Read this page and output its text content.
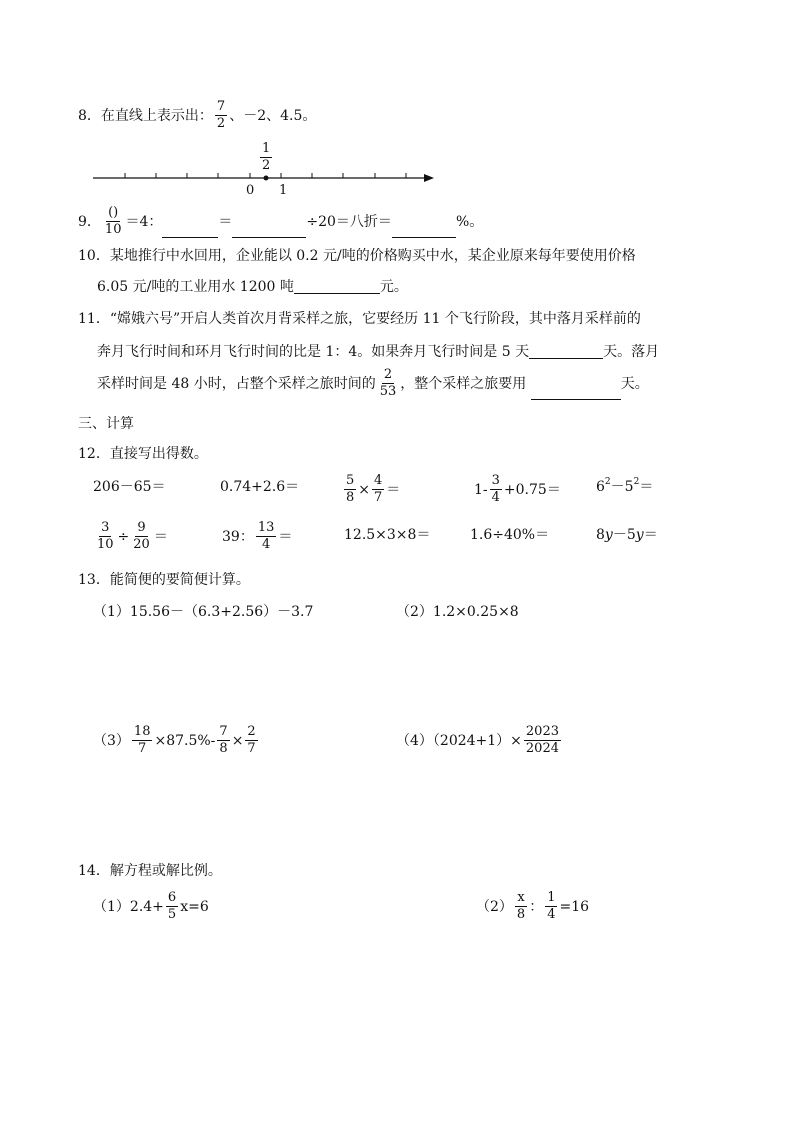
8．在直线上表示出： $\frac{7}{2}$ 、－2、4.5。
$\frac{1}{2}$
0 1
9． $\frac{()}{10} =4$：	＝	÷20＝八折＝	%。
10．某地推行中水回用，企业能以 0.2 元/吨的价格购买中水，某企业原来每年要使用价格
6.05 元/吨的工业用水 1200 吨	元。
11．“嫦娥六号”开启人类首次月背采样之旅，它要经历 11 个飞行阶段，其中落月采样前的
奔月飞行时间和环月飞行时间的比是 1：4。如果奔月飞行时间是 5 天	天。落月
采样时间是 48 小时，占整个采样之旅时间的 $\frac{2}{53}$ ，整个采样之旅要用	天。
三、计算
12．直接写出得数。
206－65＝	0.74+2.6＝	$\frac{5}{8} \times \frac{4}{7}$ ＝	$1- \frac{3}{4} +0.75=$	$6^2-5^2=$
$\frac{3}{10} \div \frac{9}{20}$ ＝	39： $\frac{13}{4}$ ＝	12.5×3×8＝	1.6÷40%＝	8y－5y＝
13．能简便的要简便计算。
（1）15.56－（6.3+2.56）－3.7	（2）1.2×0.25×8
$(3) \frac{18}{7} \times 87.5\%- \frac{7}{8} \times \frac{2}{7}$	$(4)(2024+1)\times \frac{2023}{2024}$
14．解方程或解比例。
$(1)2.4+ \frac{6}{5} x=6$	$(2) \frac{x}{8}$ ： $\frac{1}{4} =16$
